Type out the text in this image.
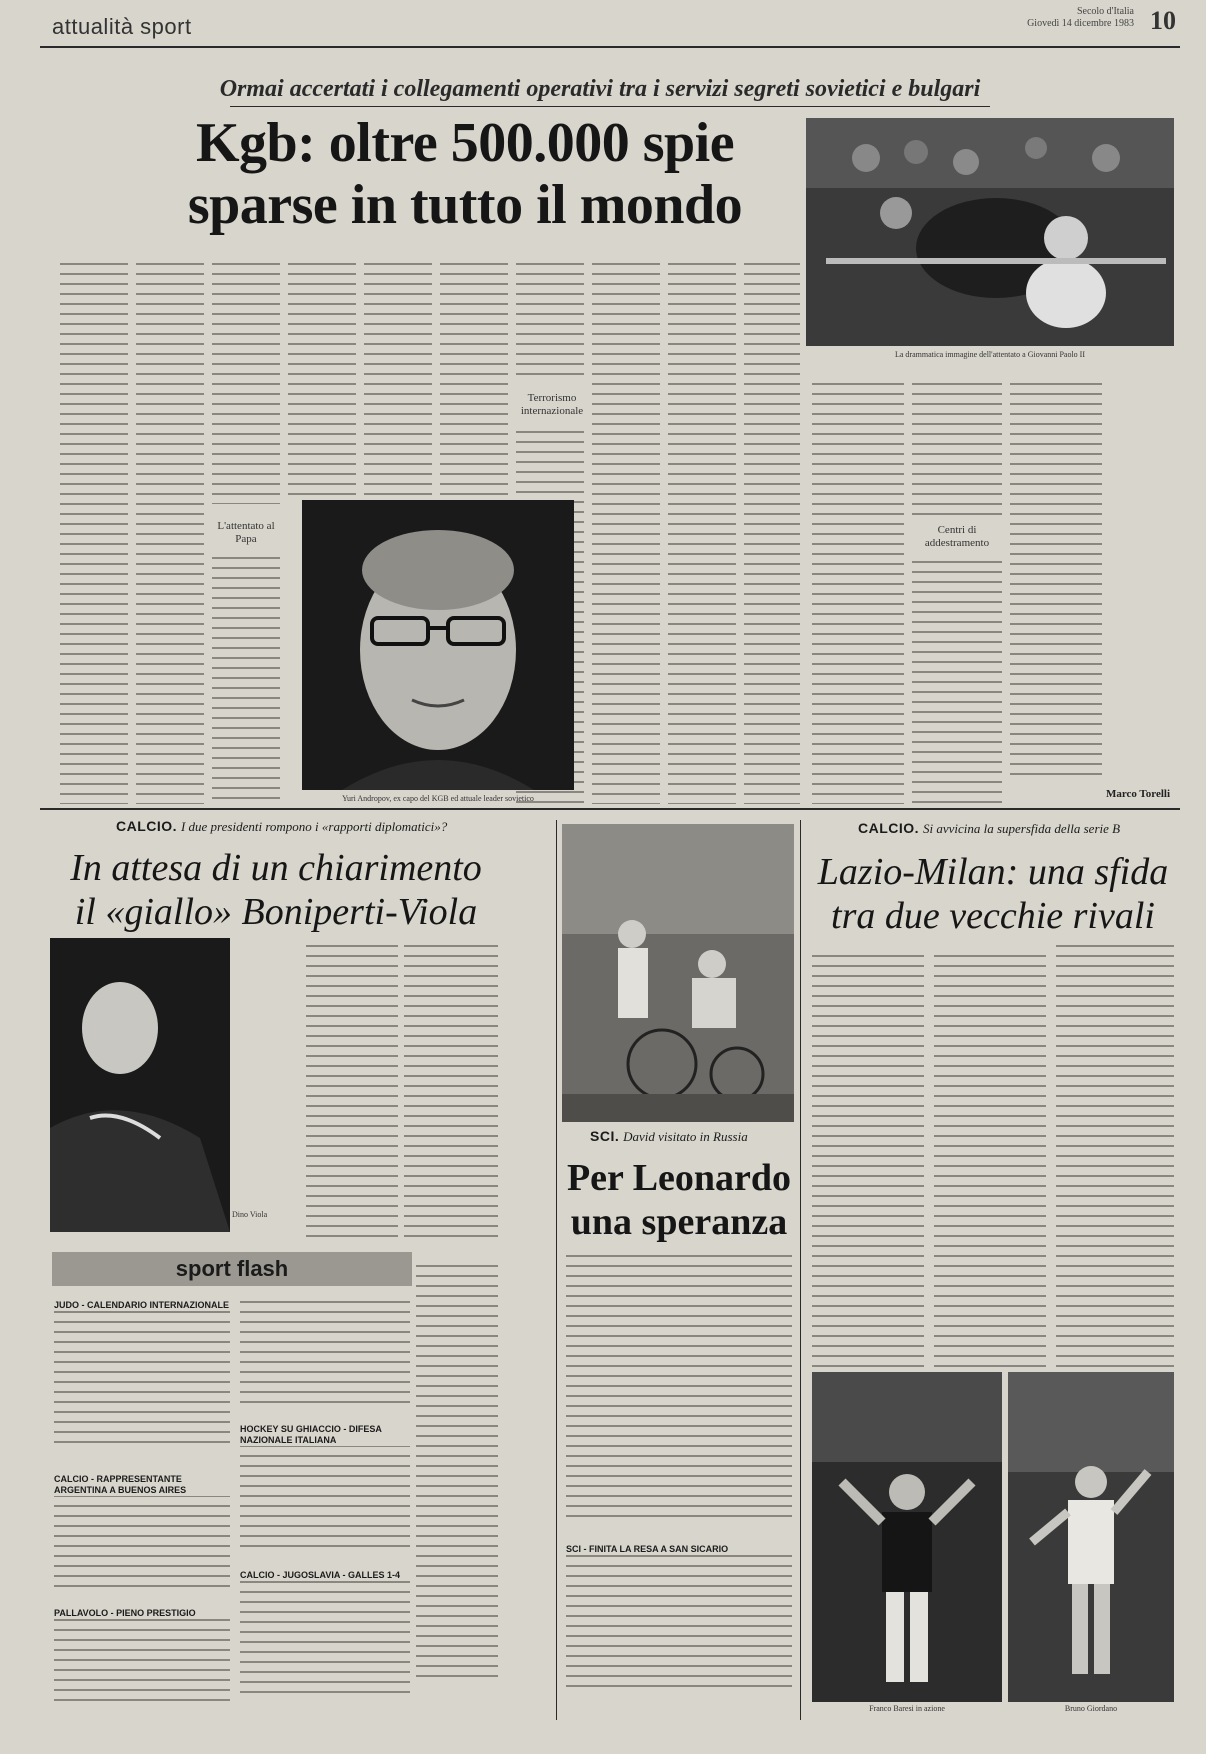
attualità sport
Secolo d'Italia
Giovedì 14 dicembre 1983 10
Ormai accertati i collegamenti operativi tra i servizi segreti sovietici e bulgari
Kgb: oltre 500.000 spie
sparse in tutto il mondo
La drammatica immagine dell'attentato a Giovanni Paolo II
L'attentato al Papa
Terrorismo internazionale
Centri di addestramento
Marco Torelli
Yuri Andropov, ex capo del KGB ed attuale leader sovietico
CALCIO. I due presidenti rompono i «rapporti diplomatici»?
In attesa di un chiarimento
il «giallo» Boniperti-Viola
Dino Viola
sport flash
JUDO - CALENDARIO INTERNAZIONALE
CALCIO - RAPPRESENTANTE ARGENTINA A BUENOS AIRES
PALLAVOLO - PIENO PRESTIGIO
HOCKEY SU GHIACCIO - DIFESA NAZIONALE ITALIANA
CALCIO - JUGOSLAVIA - GALLES 1-4
SCI. David visitato in Russia
Per Leonardo
una speranza
SCI - FINITA LA RESA A SAN SICARIO
CALCIO. Si avvicina la supersfida della serie B
Lazio-Milan: una sfida
tra due vecchie rivali
Franco Baresi in azione	Bruno Giordano
